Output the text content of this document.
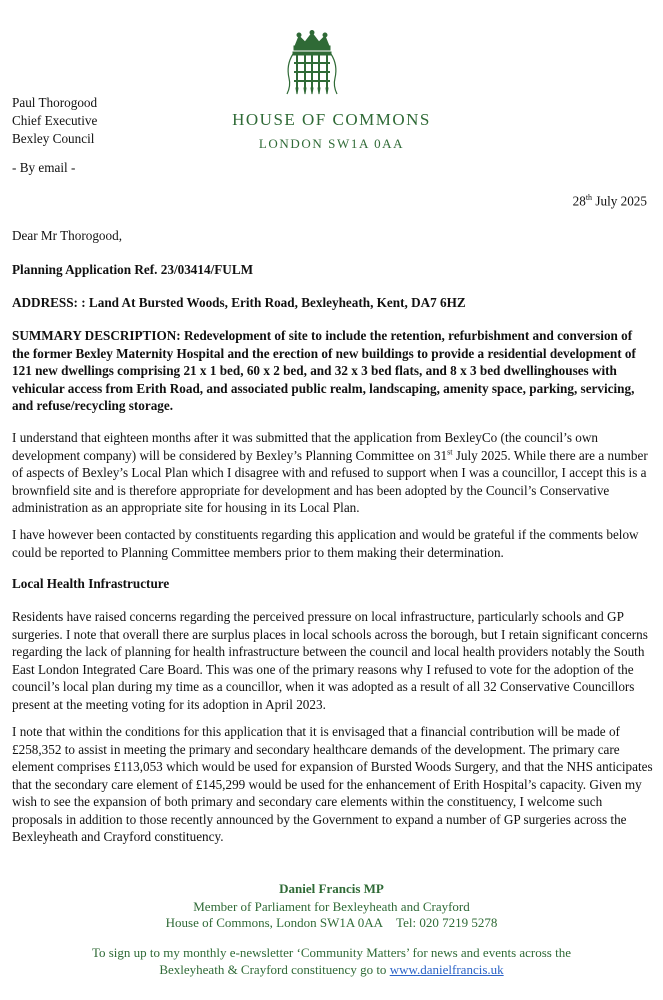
HOUSE OF COMMONS
LONDON SW1A 0AA
Paul Thorogood
Chief Executive
Bexley Council
- By email -
28th July 2025
Dear Mr Thorogood,
Planning Application Ref. 23/03414/FULM
ADDRESS: : Land At Bursted Woods, Erith Road, Bexleyheath, Kent, DA7 6HZ

SUMMARY DESCRIPTION: Redevelopment of site to include the retention, refurbishment and conversion of the former Bexley Maternity Hospital and the erection of new buildings to provide a residential development of 121 new dwellings comprising 21 x 1 bed, 60 x 2 bed, and 32 x 3 bed flats, and 8 x 3 bed dwellinghouses with vehicular access from Erith Road, and associated public realm, landscaping, amenity space, parking, servicing, and refuse/recycling storage.

I understand that eighteen months after it was submitted that the application from BexleyCo (the council’s own development company) will be considered by Bexley’s Planning Committee on 31st July 2025. While there are a number of aspects of Bexley’s Local Plan which I disagree with and refused to support when I was a councillor, I accept this is a brownfield site and is therefore appropriate for development and has been adopted by the Council’s Conservative administration as an appropriate site for housing in its Local Plan.

I have however been contacted by constituents regarding this application and would be grateful if the comments below could be reported to Planning Committee members prior to them making their determination.

Local Health Infrastructure

Residents have raised concerns regarding the perceived pressure on local infrastructure, particularly schools and GP surgeries. I note that overall there are surplus places in local schools across the borough, but I retain significant concerns regarding the lack of planning for health infrastructure between the council and local health providers notably the South East London Integrated Care Board. This was one of the primary reasons why I refused to vote for the adoption of the council’s local plan during my time as a councillor, when it was adopted as a result of all 32 Conservative Councillors present at the meeting voting for its adoption in April 2023.

I note that within the conditions for this application that it is envisaged that a financial contribution will be made of £258,352 to assist in meeting the primary and secondary healthcare demands of the development. The primary care element comprises £113,053 which would be used for expansion of Bursted Woods Surgery, and that the NHS anticipates that the secondary care element of £145,299 would be used for the enhancement of Erith Hospital’s capacity. Given my wish to see the expansion of both primary and secondary care elements within the constituency, I welcome such proposals in addition to those recently announced by the Government to expand a number of GP surgeries across the Bexleyheath and Crayford constituency.

Daniel Francis MP
Member of Parliament for Bexleyheath and Crayford
House of Commons, London SW1A 0AA Tel: 020 7219 5278
To sign up to my monthly e-newsletter ‘Community Matters’ for news and events across the
Bexleyheath & Crayford constituency go to www.danielfrancis.uk
